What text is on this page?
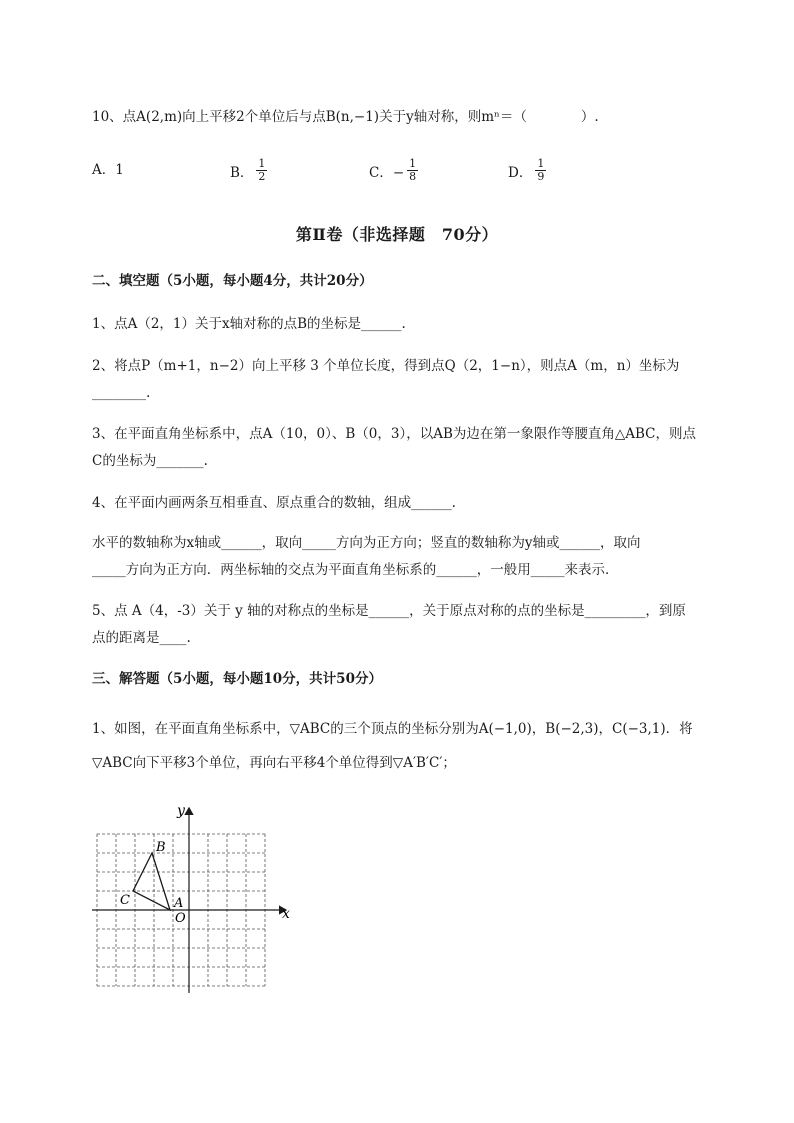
10、点A(2,m)向上平移2个单位后与点B(n,−1)关于y轴对称，则mⁿ＝（　　　　）.
A．1	B． $\frac{1}{2}$	C．− $\frac{1}{8}$	D． $\frac{1}{9}$
第Ⅱ卷（非选择题　70分）
二、填空题（5小题，每小题4分，共计20分）
1、点A（2，1）关于x轴对称的点B的坐标是______.
2、将点P（m+1，n−2）向上平移 3 个单位长度，得到点Q（2，1−n），则点A（m，n）坐标为
________.
3、在平面直角坐标系中，点A（10，0）、B（0，3），以AB为边在第一象限作等腰直角△ABC，则点
C的坐标为_______.
4、在平面内画两条互相垂直、原点重合的数轴，组成______.
水平的数轴称为x轴或______，取向_____方向为正方向；竖直的数轴称为y轴或______，取向
_____方向为正方向．两坐标轴的交点为平面直角坐标系的______，一般用_____来表示．
5、点 A（4，-3）关于 y 轴的对称点的坐标是______，关于原点对称的点的坐标是_________，到原
点的距离是____.
三、解答题（5小题，每小题10分，共计50分）
1、如图，在平面直角坐标系中，▽ABC的三个顶点的坐标分别为A(−1,0)，B(−2,3)，C(−3,1)．将
▽ABC向下平移3个单位，再向右平移4个单位得到▽A′B′C′；
x
y
O
A
B
C
